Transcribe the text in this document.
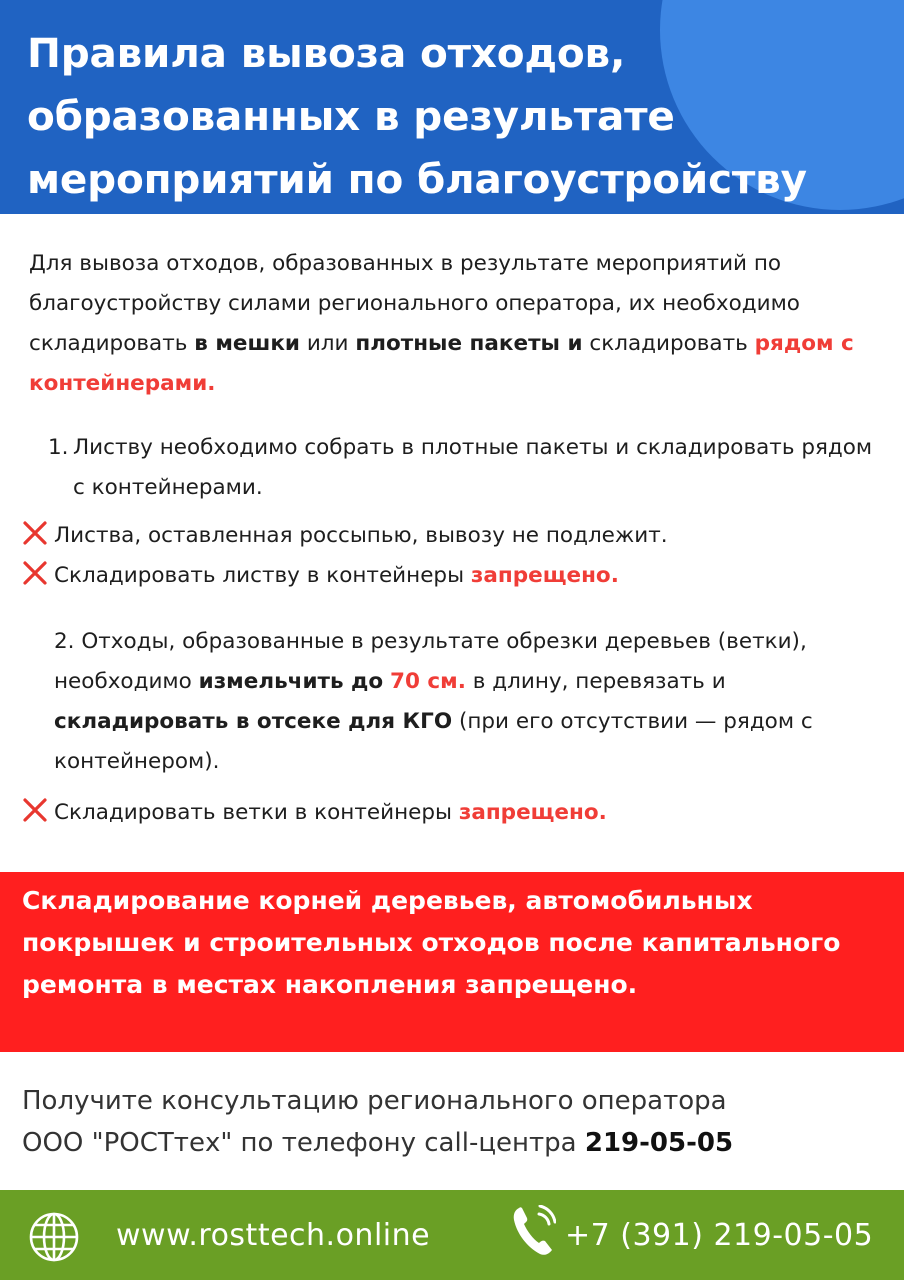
Правила вывоза отходов, образованных в результате мероприятий по благоустройству

Для вывоза отходов, образованных в результате мероприятий по благоустройству силами регионального оператора, их необходимо складировать в мешки или плотные пакеты и складировать рядом с контейнерами.

1. Листву необходимо собрать в плотные пакеты и складировать рядом с контейнерами.
Листва, оставленная россыпью, вывозу не подлежит.
Складировать листву в контейнеры запрещено.

2. Отходы, образованные в результате обрезки деревьев (ветки), необходимо измельчить до 70 см. в длину, перевязать и складировать в отсеке для КГО (при его отсутствии — рядом с контейнером).

Складировать ветки в контейнеры запрещено.

Складирование корней деревьев, автомобильных покрышек и строительных отходов после капитального ремонта в местах накопления запрещено.

Получите консультацию регионального оператора
ООО "РОСТтех" по телефону call-центра 219-05-05

www.rosttech.online	+7 (391) 219-05-05
